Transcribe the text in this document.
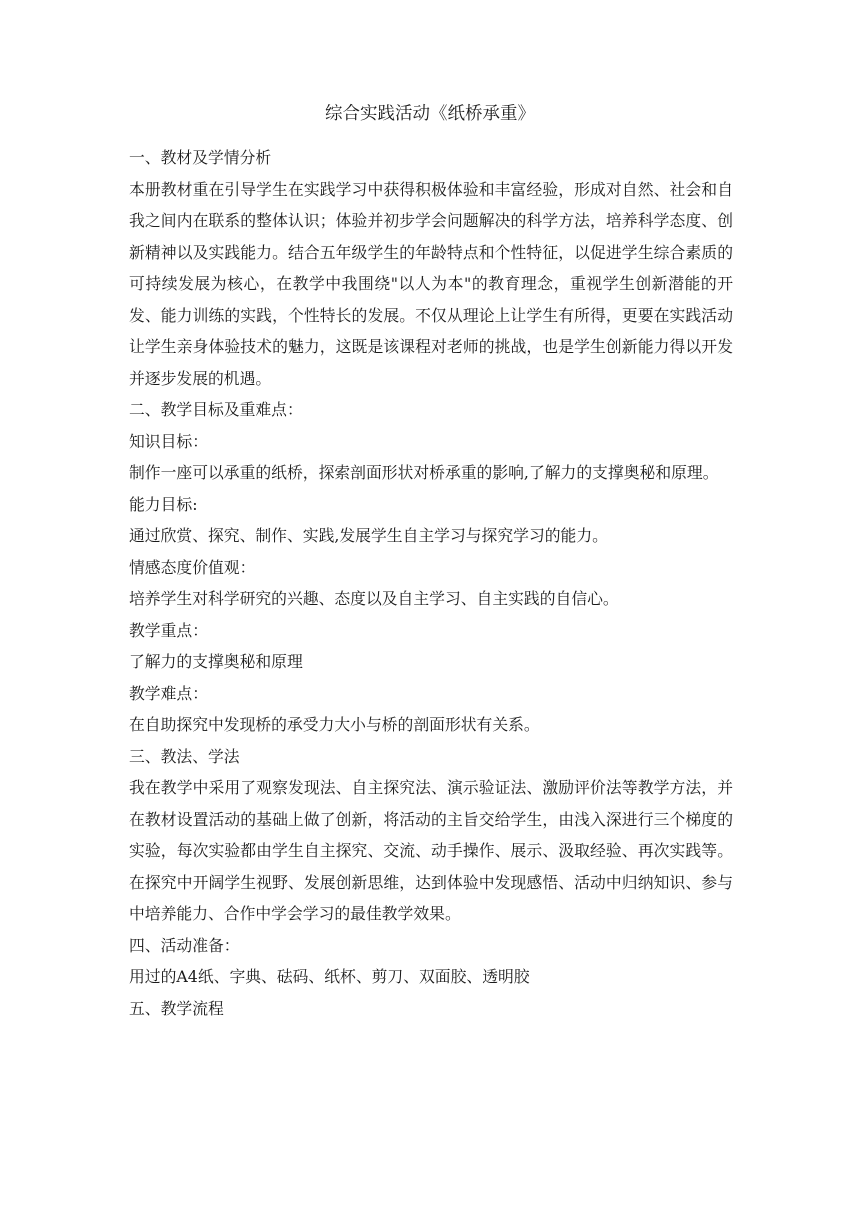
综合实践活动《纸桥承重》

一、教材及学情分析

本册教材重在引导学生在实践学习中获得积极体验和丰富经验，形成对自然、社会和自我之间内在联系的整体认识；体验并初步学会问题解决的科学方法，培养科学态度、创新精神以及实践能力。结合五年级学生的年龄特点和个性特征，以促进学生综合素质的可持续发展为核心，在教学中我围绕"以人为本"的教育理念，重视学生创新潜能的开发、能力训练的实践，个性特长的发展。不仅从理论上让学生有所得，更要在实践活动让学生亲身体验技术的魅力，这既是该课程对老师的挑战，也是学生创新能力得以开发并逐步发展的机遇。

二、教学目标及重难点：

知识目标：

制作一座可以承重的纸桥，探索剖面形状对桥承重的影响,了解力的支撑奥秘和原理。

能力目标:

通过欣赏、探究、制作、实践,发展学生自主学习与探究学习的能力。

情感态度价值观：

培养学生对科学研究的兴趣、态度以及自主学习、自主实践的自信心。

教学重点：

了解力的支撑奥秘和原理

教学难点：

在自助探究中发现桥的承受力大小与桥的剖面形状有关系。

三、教法、学法

我在教学中采用了观察发现法、自主探究法、演示验证法、激励评价法等教学方法，并在教材设置活动的基础上做了创新，将活动的主旨交给学生，由浅入深进行三个梯度的实验，每次实验都由学生自主探究、交流、动手操作、展示、汲取经验、再次实践等。在探究中开阔学生视野、发展创新思维，达到体验中发现感悟、活动中归纳知识、参与中培养能力、合作中学会学习的最佳教学效果。

四、活动准备：

用过的A4纸、字典、砝码、纸杯、剪刀、双面胶、透明胶

五、教学流程
